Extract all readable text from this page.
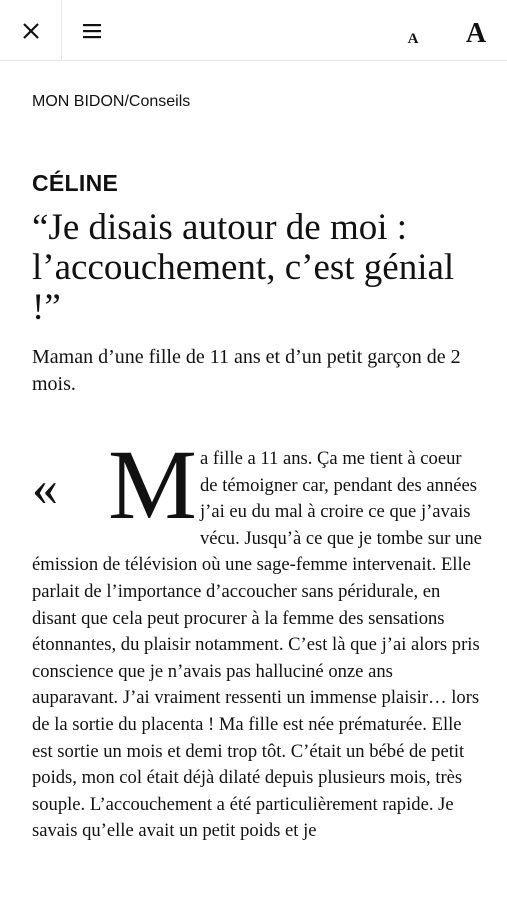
A	A
MON BIDON/Conseils
CÉLINE
“Je disais autour de moi : l’accouchement, c’est génial !”

Maman d’une fille de 11 ans et d’un petit garçon de 2 mois.

« M a fille a 11 ans. Ça me tient à coeur de témoigner car, pendant des années j’ai eu du mal à croire ce que j’avais vécu. Jusqu’à ce que je tombe sur une émission de télévision où une sage-femme intervenait. Elle parlait de l’importance d’accoucher sans péridurale, en disant que cela peut procurer à la femme des sensations étonnantes, du plaisir notamment. C’est là que j’ai alors pris conscience que je n’avais pas halluciné onze ans auparavant. J’ai vraiment ressenti un immense plaisir… lors de la sortie du placenta ! Ma fille est née prématurée. Elle est sortie un mois et demi trop tôt. C’était un bébé de petit poids, mon col était déjà dilaté depuis plusieurs mois, très souple. L’accouchement a été particulièrement rapide. Je savais qu’elle avait un petit poids et je
